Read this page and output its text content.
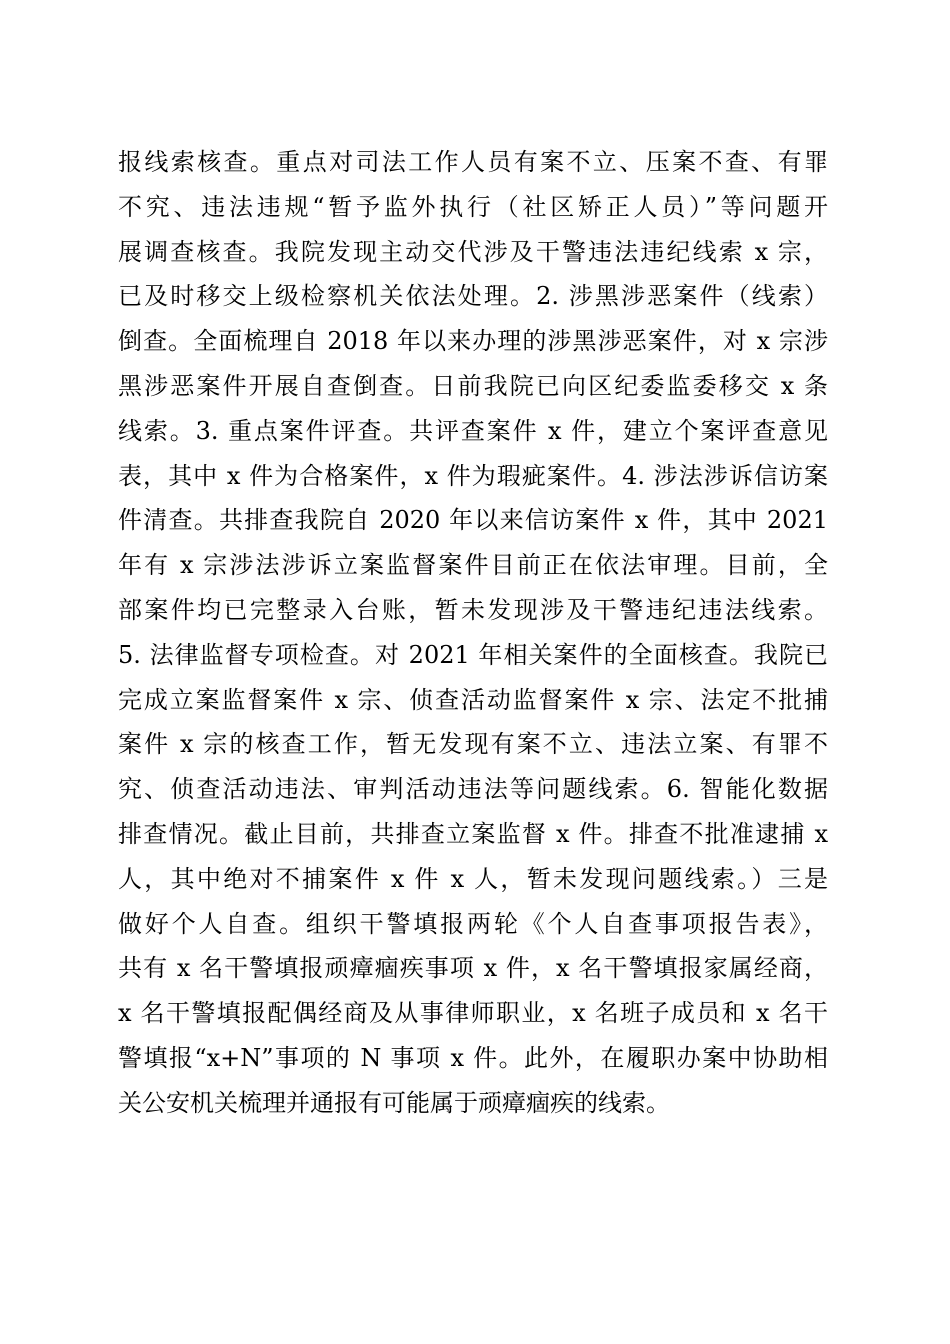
报线索核查。重点对司法工作人员有案不立、压案不查、有罪
不究、违法违规“暂予监外执行（社区矫正人员）”等问题开
展调查核查。我院发现主动交代涉及干警违法违纪线索 x 宗，
已及时移交上级检察机关依法处理。2. 涉黑涉恶案件（线索）
倒查。全面梳理自 2018 年以来办理的涉黑涉恶案件，对 x 宗涉
黑涉恶案件开展自查倒查。日前我院已向区纪委监委移交 x 条
线索。3. 重点案件评查。共评查案件 x 件，建立个案评查意见
表，其中 x 件为合格案件，x 件为瑕疵案件。4. 涉法涉诉信访案
件清查。共排查我院自 2020 年以来信访案件 x 件，其中 2021
年有 x 宗涉法涉诉立案监督案件目前正在依法审理。目前，全
部案件均已完整录入台账，暂未发现涉及干警违纪违法线索。
5. 法律监督专项检查。对 2021 年相关案件的全面核查。我院已
完成立案监督案件 x 宗、侦查活动监督案件 x 宗、法定不批捕
案件 x 宗的核查工作，暂无发现有案不立、违法立案、有罪不
究、侦查活动违法、审判活动违法等问题线索。6. 智能化数据
排查情况。截止目前，共排查立案监督 x 件。排查不批准逮捕 x
人，其中绝对不捕案件 x 件 x 人，暂未发现问题线索。）三是
做好个人自查。组织干警填报两轮《个人自查事项报告表》，
共有 x 名干警填报顽瘴痼疾事项 x 件，x 名干警填报家属经商，
x 名干警填报配偶经商及从事律师职业，x 名班子成员和 x 名干
警填报“x+N”事项的 N 事项 x 件。此外，在履职办案中协助相
关公安机关梳理并通报有可能属于顽瘴痼疾的线索。
